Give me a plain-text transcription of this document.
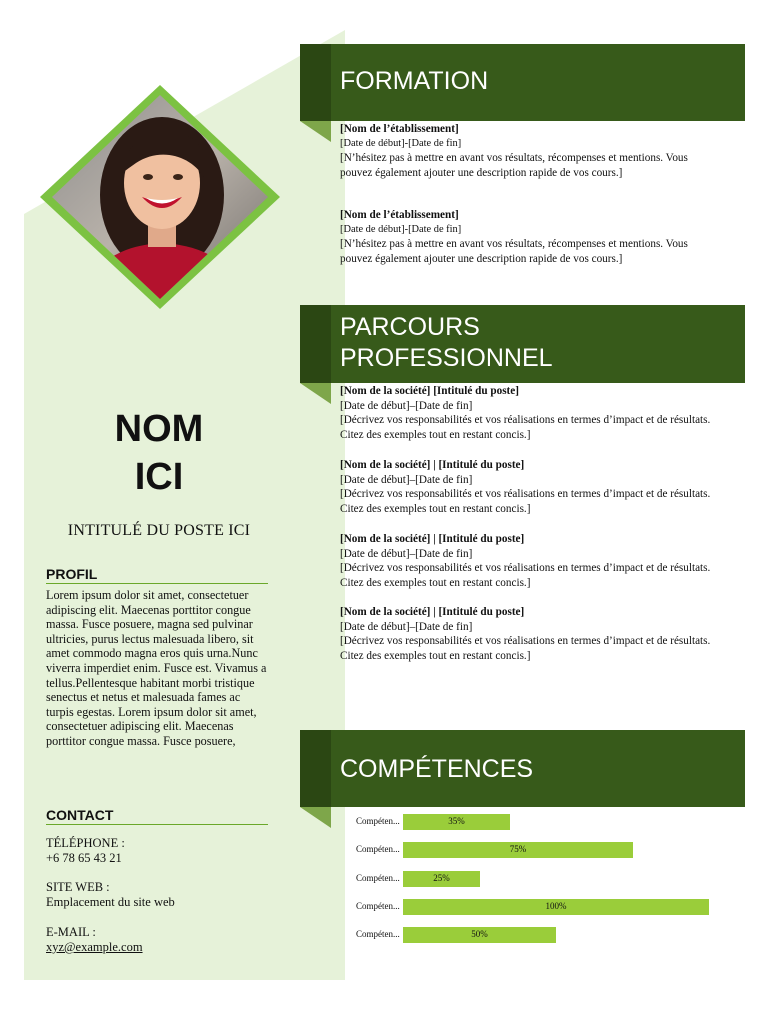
NOM
ICI
INTITULÉ DU POSTE ICI
PROFIL
Lorem ipsum dolor sit amet, consectetuer adipiscing elit. Maecenas porttitor congue massa. Fusce posuere, magna sed pulvinar ultricies, purus lectus malesuada libero, sit amet commodo magna eros quis urna.Nunc viverra imperdiet enim. Fusce est. Vivamus a tellus.Pellentesque habitant morbi tristique senectus et netus et malesuada fames ac turpis egestas. Lorem ipsum dolor sit amet, consectetuer adipiscing elit. Maecenas porttitor congue massa. Fusce posuere,
CONTACT
TÉLÉPHONE :
+6 78 65 43 21
SITE WEB :
Emplacement du site web
E-MAIL :
xyz@example.com
FORMATION
[Nom de l’établissement]
[Date de début]-[Date de fin]
[N’hésitez pas à mettre en avant vos résultats, récompenses et mentions. Vous pouvez également ajouter une description rapide de vos cours.]
[Nom de l’établissement]
[Date de début]-[Date de fin]
[N’hésitez pas à mettre en avant vos résultats, récompenses et mentions. Vous pouvez également ajouter une description rapide de vos cours.]
PARCOURS
PROFESSIONNEL
[Nom de la société] [Intitulé du poste]
[Date de début]–[Date de fin]
[Décrivez vos responsabilités et vos réalisations en termes d’impact et de résultats. Citez des exemples tout en restant concis.]
[Nom de la société] | [Intitulé du poste]
[Date de début]–[Date de fin]
[Décrivez vos responsabilités et vos réalisations en termes d’impact et de résultats. Citez des exemples tout en restant concis.]
[Nom de la société] | [Intitulé du poste]
[Date de début]–[Date de fin]
[Décrivez vos responsabilités et vos réalisations en termes d’impact et de résultats. Citez des exemples tout en restant concis.]
[Nom de la société] | [Intitulé du poste]
[Date de début]–[Date de fin]
[Décrivez vos responsabilités et vos réalisations en termes d’impact et de résultats. Citez des exemples tout en restant concis.]
COMPÉTENCES
Compéten...	35%
Compéten...	75%
Compéten...	25%
Compéten...	100%
Compéten...	50%
